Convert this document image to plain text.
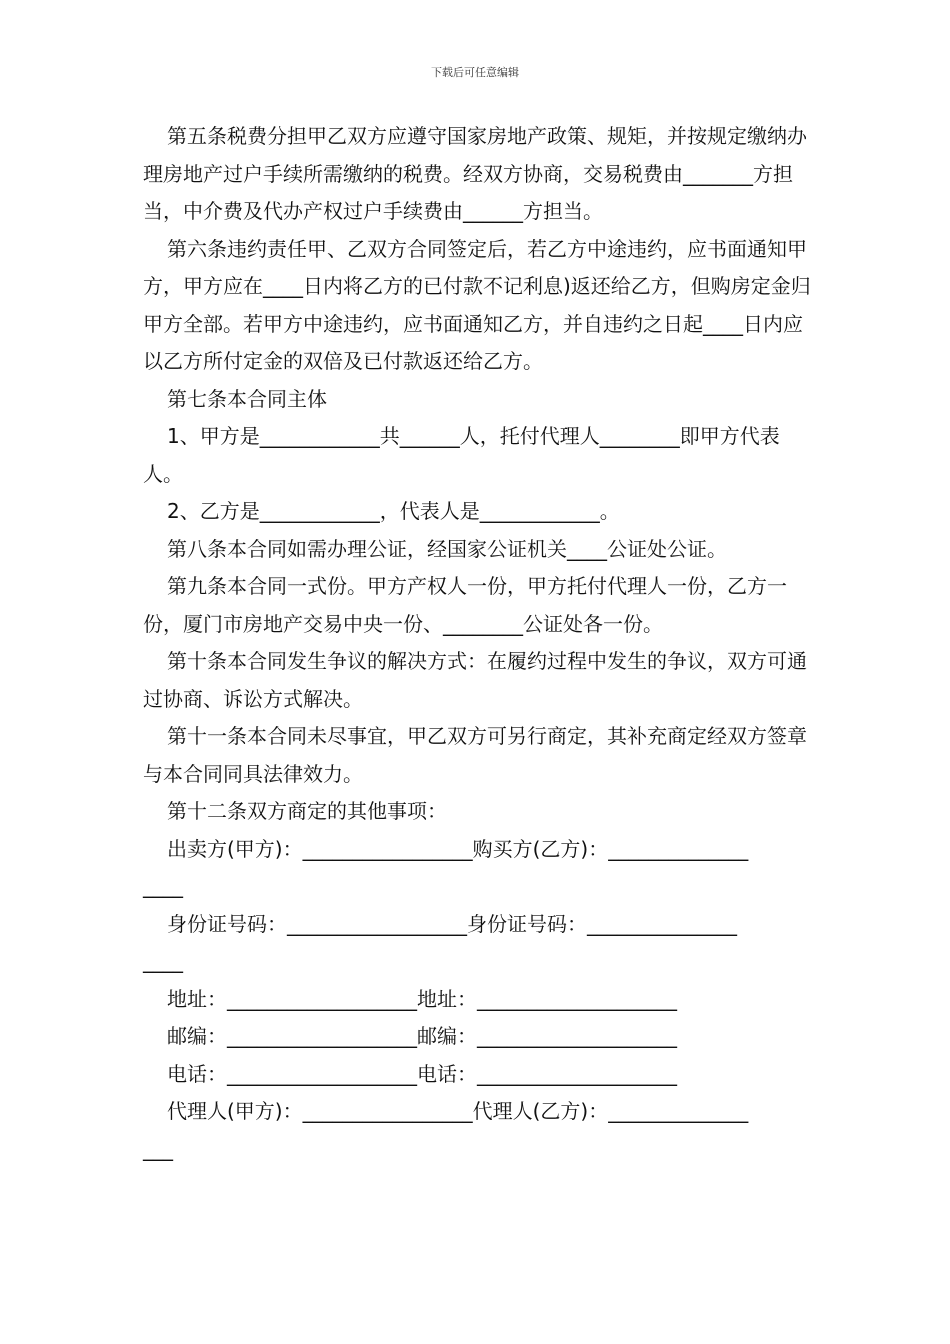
下载后可任意编辑

第五条税费分担甲乙双方应遵守国家房地产政策、规矩，并按规定缴纳办理房地产过户手续所需缴纳的税费。经双方协商，交易税费由_______方担当，中介费及代办产权过户手续费由______方担当。

第六条违约责任甲、乙双方合同签定后，若乙方中途违约，应书面通知甲方，甲方应在____日内将乙方的已付款不记利息)返还给乙方，但购房定金归甲方全部。若甲方中途违约，应书面通知乙方，并自违约之日起____日内应以乙方所付定金的双倍及已付款返还给乙方。

第七条本合同主体

1、甲方是____________共______人，托付代理人________即甲方代表人。

2、乙方是____________，代表人是____________。

第八条本合同如需办理公证，经国家公证机关____公证处公证。

第九条本合同一式份。甲方产权人一份，甲方托付代理人一份，乙方一份，厦门市房地产交易中央一份、________公证处各一份。

第十条本合同发生争议的解决方式：在履约过程中发生的争议，双方可通过协商、诉讼方式解决。

第十一条本合同未尽事宜，甲乙双方可另行商定，其补充商定经双方签章与本合同同具法律效力。

第十二条双方商定的其他事项：

出卖方(甲方)：_________________购买方(乙方)：______________

____

身份证号码：__________________身份证号码：_______________

____

地址：___________________地址：____________________

邮编：___________________邮编：____________________

电话：___________________电话：____________________

代理人(甲方)：_________________代理人(乙方)：______________

___
